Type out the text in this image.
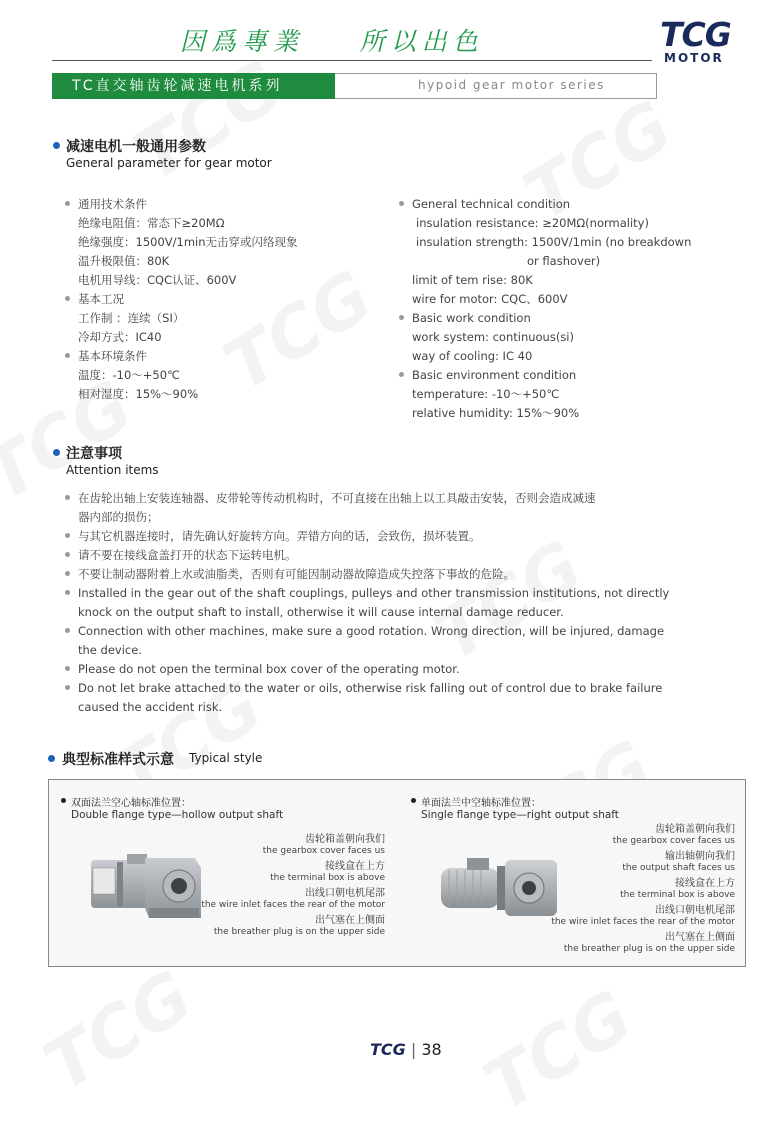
因爲專業    所以出色	TCG
MOTOR
TC直交轴齿轮减速电机系列	hypoid gear motor series
减速电机一般通用参数
General parameter for gear motor
通用技术条件
绝缘电阻值：常态下≥20MΩ
绝缘强度：1500V/1min无击穿或闪络现象
温升极限值：80K
电机用导线：CQC认证、600V
基本工况
工作制 ：连续（SI）
冷却方式：IC40
基本环境条件
温度：-10～+50℃
相对湿度：15%～90%
General technical condition
insulation resistance: ≥20MΩ(normality)
insulation strength: 1500V/1min (no breakdown
or flashover)
limit of tem rise: 80K
wire for motor: CQC、600V
Basic work condition
work system: continuous(si)
way of cooling: IC 40
Basic environment condition
temperature: -10～+50℃
relative humidity: 15%～90%
注意事项
Attention items
在齿轮出轴上安装连轴器、皮带轮等传动机构时，不可直接在出轴上以工具敲击安装，否则会造成减速
器内部的损伤；
与其它机器连接时，请先确认好旋转方向。弄错方向的话，会致伤，损坏装置。
请不要在接线盒盖打开的状态下运转电机。
不要让制动器附着上水或油脂类，否则有可能因制动器故障造成失控落下事故的危险。
Installed in the gear out of the shaft couplings, pulleys and other transmission institutions, not directly
knock on the output shaft to install, otherwise it will cause internal damage reducer.
Connection with other machines, make sure a good rotation. Wrong direction, will be injured, damage
the device.
Please do not open the terminal box cover of the operating motor.
Do not let brake attached to the water or oils, otherwise risk falling out of control due to brake failure
caused the accident risk.
典型标准样式示意 Typical style
双面法兰空心轴标准位置：
Double flange type—hollow output shaft
齿轮箱盖朝向我们
the gearbox cover faces us
接线盒在上方
the terminal box is above
出线口朝电机尾部
the wire inlet faces the rear of the motor
出气塞在上侧面
the breather plug is on the upper side
单面法兰中空轴标准位置：
Single flange type—right output shaft
齿轮箱盖朝向我们
the gearbox cover faces us
输出轴朝向我们
the output shaft faces us
接线盒在上方
the terminal box is above
出线口朝电机尾部
the wire inlet faces the rear of the motor
出气塞在上侧面
the breather plug is on the upper side
TCG | 38
